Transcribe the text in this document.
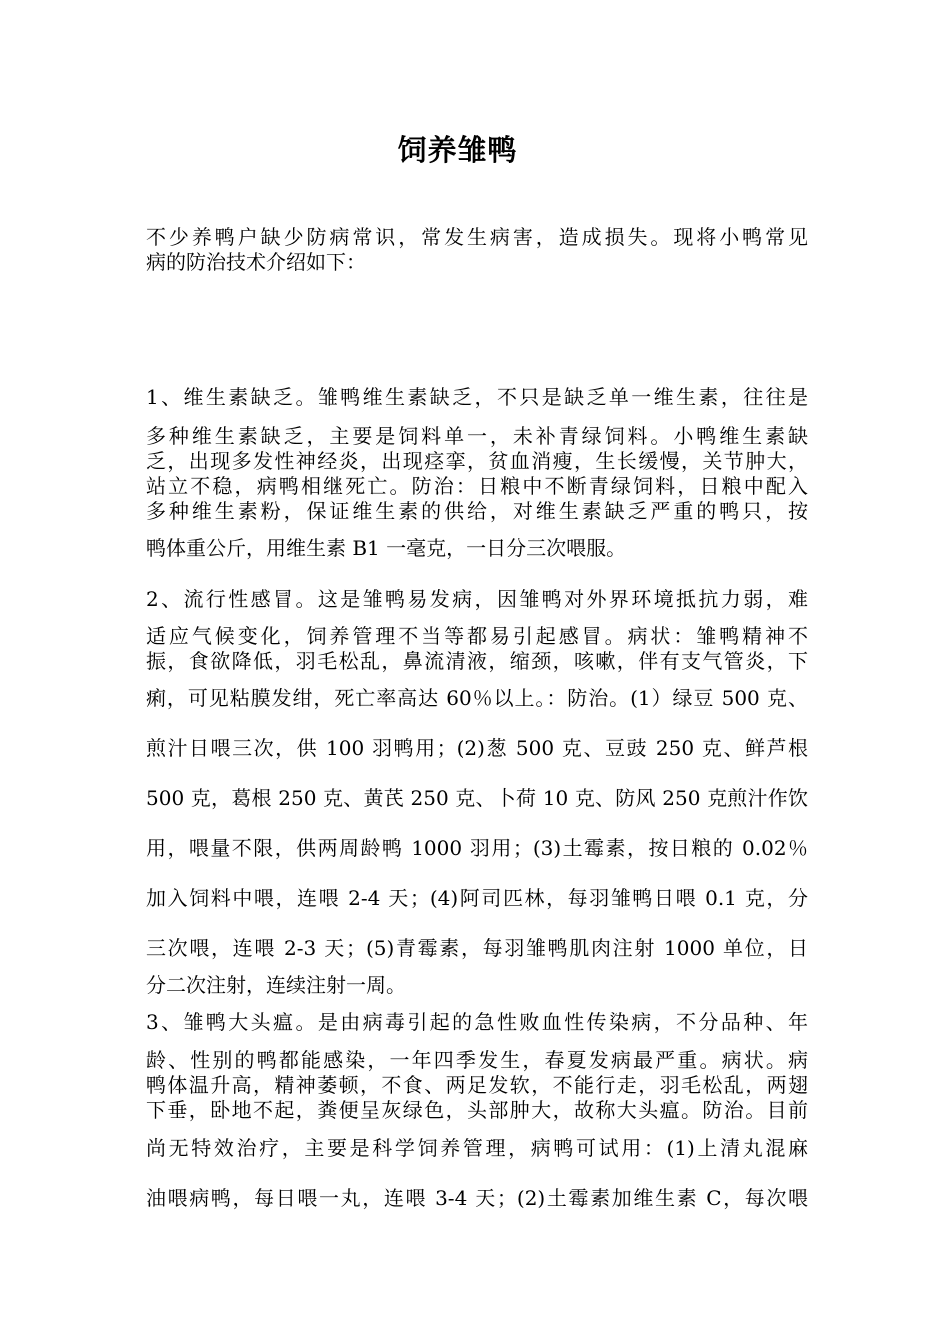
饲养雏鸭
不少养鸭户缺少防病常识，常发生病害，造成损失。现将小鸭常见
病的防治技术介绍如下：
1、维生素缺乏。雏鸭维生素缺乏，不只是缺乏单一维生素，往往是
多种维生素缺乏，主要是饲料单一，未补青绿饲料。小鸭维生素缺
乏，出现多发性神经炎，出现痉挛，贫血消瘦，生长缓慢，关节肿大，
站立不稳，病鸭相继死亡。防治：日粮中不断青绿饲料，日粮中配入
多种维生素粉，保证维生素的供给，对维生素缺乏严重的鸭只，按
鸭体重公斤，用维生素 B1 一毫克，一日分三次喂服。
2、流行性感冒。这是雏鸭易发病，因雏鸭对外界环境抵抗力弱，难
适应气候变化，饲养管理不当等都易引起感冒。病状：雏鸭精神不
振，食欲降低，羽毛松乱，鼻流清液，缩颈，咳嗽，伴有支气管炎，下
痢，可见粘膜发绀，死亡率高达 60％以上。：防治。(1）绿豆 500 克、
煎汁日喂三次，供 100 羽鸭用；(2)葱 500 克、豆豉 250 克、鲜芦根
500 克，葛根 250 克、黄芪 250 克、卜荷 10 克、防风 250 克煎汁作饮
用，喂量不限，供两周龄鸭 1000 羽用；(3)土霉素，按日粮的 0.02％
加入饲料中喂，连喂 2-4 天；(4)阿司匹林，每羽雏鸭日喂 0.1 克，分
三次喂，连喂 2-3 天；(5)青霉素，每羽雏鸭肌肉注射 1000 单位，日
分二次注射，连续注射一周。
3、雏鸭大头瘟。是由病毒引起的急性败血性传染病，不分品种、年
龄、性别的鸭都能感染，一年四季发生，春夏发病最严重。病状。病
鸭体温升高，精神萎顿，不食、两足发软，不能行走，羽毛松乱，两翅
下垂，卧地不起，粪便呈灰绿色，头部肿大，故称大头瘟。防治。目前
尚无特效治疗，主要是科学饲养管理，病鸭可试用：(1)上清丸混麻
油喂病鸭，每日喂一丸，连喂 3-4 天；(2)土霉素加维生素 C，每次喂
